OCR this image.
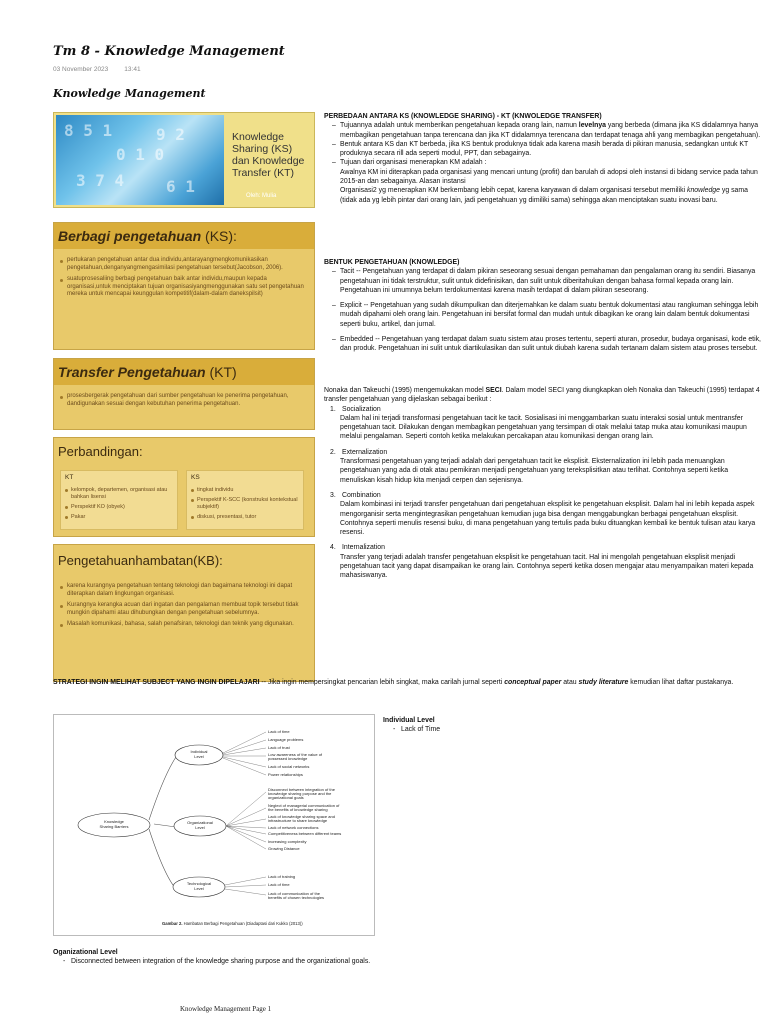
Tm 8 - Knowledge Management
03 November 2023 13:41
Knowledge Management
8 5 1
0 1 0
3 7 4
9 2
6 1
Knowledge
Sharing (KS)
dan Knowledge
Transfer (KT)
Oleh: Mulia
Berbagi pengetahuan (KS):
pertukaran pengetahuan antar dua individu,antarayangmengkomunikasikan pengetahuan,denganyangmengasimilasi pengetahuan tersebut(Jacobson, 2006).
suatuprosesaliing berbagi pengetahuan baik antar individu,maupun kepada organisasi,untuk menciptakan tujuan organisasiyangmenggunakan satu set pengetahuan mereka untuk mencapai keunggulan kompetitif(dalam-dalam danekspilsit)
Transfer Pengetahuan (KT)
prosesbergerak pengetahuan dari sumber pengetahuan ke penerima pengetahuan, dandigunakan sesuai dengan kebutuhan penerima pengetahuan.
Perbandingan:
KT
kelompok, departemen, organisasi atau bahkan lisensi
Perspektif KO (obyek)
Pakar
KS
tingkat individu
Perspektif K-SCC (konstruksi kontekstual subjektif)
diskusi, presentasi, tutor
Pengetahuanhambatan(KB):
karena kurangnya pengetahuan tentang teknologi dan bagaimana teknologi ini dapat diterapkan dalam lingkungan organisasi.
Kurangnya kerangka acuan dari ingatan dan pengalaman membuat topik tersebut tidak mungkin dipahami atau dihubungkan dengan pengetahuan sebelumnya.
Masalah komunikasi, bahasa, salah penafsiran, teknologi dan teknik yang digunakan.
PERBEDAAN ANTARA KS (KNOWLEDGE SHARING) - KT (KNWOLEDGE TRANSFER)
– Tujuannya adalah untuk memberikan pengetahuan kepada orang lain, namun levelnya yang berbeda (dimana jika KS didalamnya hanya membagikan pengetahuan tanpa terencana dan jika KT didalamnya terencana dan terdapat tenaga ahli yang membagikan pengetahuan).
– Bentuk antara KS dan KT berbeda, jika KS bentuk produknya tidak ada karena masih berada di pikiran manusia, sedangkan untuk KT produknya secara rill ada seperti modul, PPT, dan sebagainya.
– Tujuan dari organisasi menerapkan KM adalah :
Awalnya KM ini diterapkan pada organisasi yang mencari untung (profit) dan barulah di adopsi oleh instansi di bidang service pada tahun 2015-an dan sebagainya. Alasan instansi
Organisasi2 yg menerapkan KM berkembang lebih cepat, karena karyawan di dalam organisasi tersebut memiliki knowledge yg sama (tidak ada yg lebih pintar dari orang lain, jadi pengetahuan yg dimiliki sama) sehingga akan menciptakan suatu inovasi baru.
BENTUK PENGETAHUAN (KNOWLEDGE)
– Tacit -- Pengetahuan yang terdapat di dalam pikiran seseorang sesuai dengan pemahaman dan pengalaman orang itu sendiri. Biasanya pengetahuan ini tidak terstruktur, sulit untuk didefinisikan, dan sulit untuk diberitahukan dengan bahasa formal kepada orang lain. Pengetahuan ini umumnya belum terdokumentasi karena masih terdapat di dalam pikiran seseorang.
– Explicit -- Pengetahuan yang sudah dikumpulkan dan diterjemahkan ke dalam suatu bentuk dokumentasi atau rangkuman sehingga lebih mudah dipahami oleh orang lain. Pengetahuan ini bersifat formal dan mudah untuk dibagikan ke orang lain dalam bentuk dokumentasi seperti buku, artikel, dan jurnal.
– Embedded -- Pengetahuan yang terdapat dalam suatu sistem atau proses tertentu, seperti aturan, prosedur, budaya organisasi, kode etik, dan produk. Pengetahuan ini sulit untuk diartikulasikan dan sulit untuk diubah karena sudah tertanam dalam sistem atau proses tersebut.
Nonaka dan Takeuchi (1995) mengemukakan model SECI. Dalam model SECI yang diungkapkan oleh Nonaka dan Takeuchi (1995) terdapat 4 transfer pengetahuan yang dijelaskan sebagai berikut :
1. Socialization
Dalam hal ini terjadi transformasi pengetahuan tacit ke tacit. Sosialisasi ini menggambarkan suatu interaksi sosial untuk mentransfer pengetahuan tacit. Dilakukan dengan membagikan pengetahuan yang tersimpan di otak melalui tatap muka atau komunikasi maupun melalui pengalaman. Seperti contoh ketika melakukan percakapan atau komunikasi dengan orang lain.
2. Externalization
Transformasi pengetahuan yang terjadi adalah dari pengetahuan tacit ke eksplisit. Eksternalization ini lebih pada menuangkan pengetahuan yang ada di otak atau pemikiran menjadi pengetahuan yang tereksplisitkan atau terlihat. Contohnya seperti ketika menuliskan kisah hidup kita menjadi cerpen dan sejenisnya.
3. Combination
Dalam kombinasi ini terjadi transfer pengetahuan dari pengetahuan eksplisit ke pengetahuan eksplisit. Dalam hal ini lebih kepada aspek mengorganisir serta mengintegrasikan pengetahuan kemudian juga bisa dengan menggabungkan berbagai pengetahuan eksplisit. Contohnya seperti menulis resensi buku, di mana pengetahuan yang tertulis pada buku dituangkan kembali ke bentuk tulisan atau karya resensi.
4. Internalization
Transfer yang terjadi adalah transfer pengetahuan eksplisit ke pengetahuan tacit. Hal ini mengolah pengetahuan eksplisit menjadi pengetahuan tacit yang dapat disampaikan ke orang lain. Contohnya seperti ketika dosen mengajar atau menyampaikan materi kepada mahasiswanya.
STRATEGI INGIN MELIHAT SUBJECT YANG INGIN DIPELAJARI -- Jika ingin mempersingkat pencarian lebih singkat, maka carilah jurnal seperti conceptual paper atau study literature kemudian lihat daftar pustakanya.
Knowledge Sharing Barriers
Individual Level
Organizational Level
Technological Level
Lack of time
Language problems
Lack of trust
Low awareness of the value of
possessed knowledge
Lack of social networks
Power relationships
Disconnect between integration of the
knowledge sharing purpose and the
organizational goals
Neglect of managerial communication of
the benefits of knowledge sharing
Lack of knowledge sharing space and
infrastructure to share knowledge
Lack of network connections
Competitiveness between different teams
Increasing complexity
Growing Distance
Lack of training
Lack of time
Lack of communication of the
benefits of chosen technologies
Gambar 2. Hambatan Berbagi Pengetahuan (Diadaptasi dari Kukko (2013))
Individual Level
- Lack of Time
Oganizational Level
- Disconnected between integration of the knowledge sharing purpose and the organizational goals.
Knowledge Management Page 1
